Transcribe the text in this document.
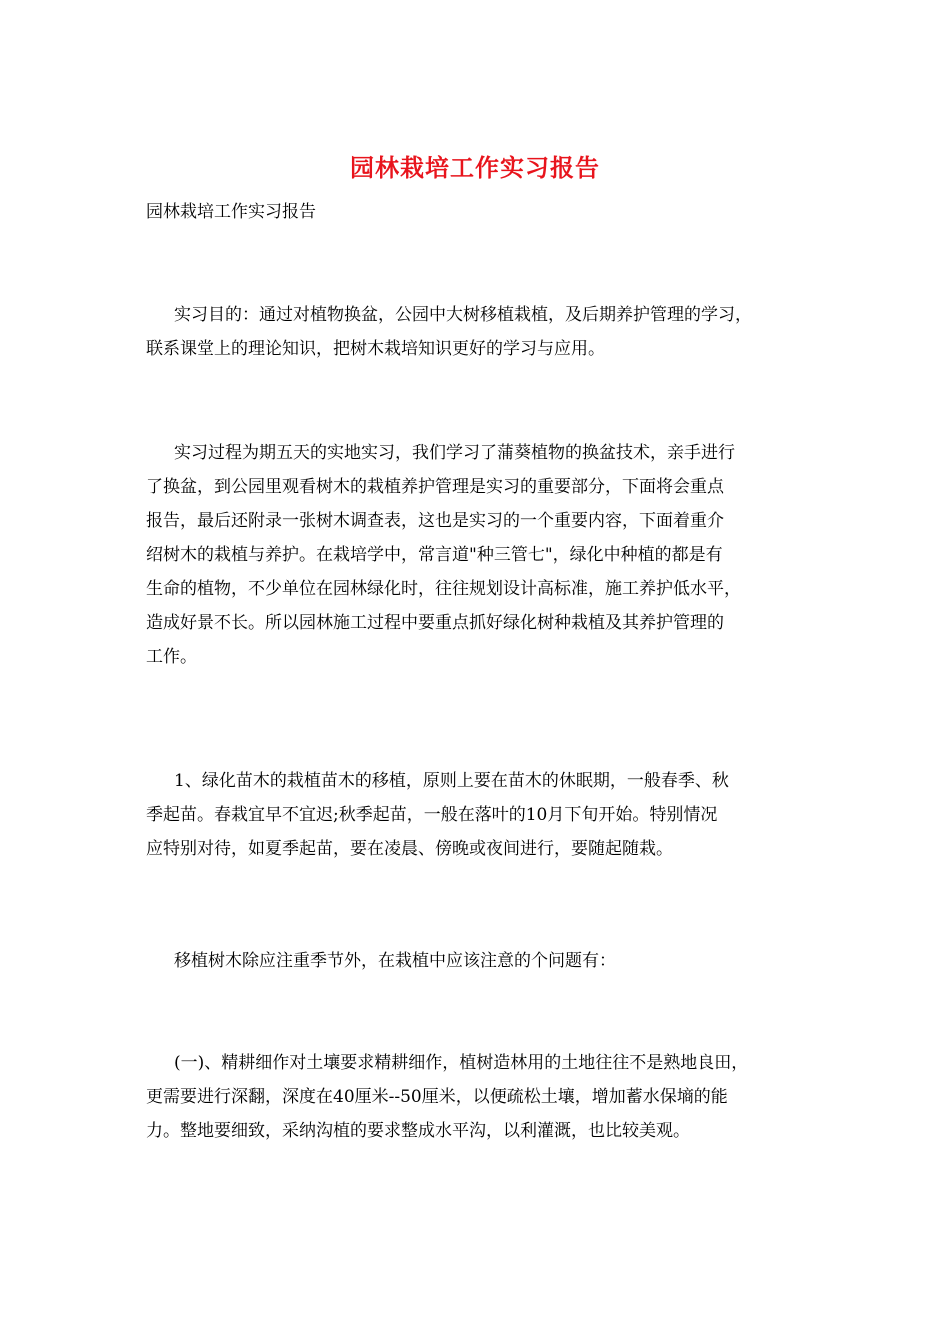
园林栽培工作实习报告
园林栽培工作实习报告
实习目的：通过对植物换盆，公园中大树移植栽植，及后期养护管理的学习，
联系课堂上的理论知识，把树木栽培知识更好的学习与应用。
实习过程为期五天的实地实习，我们学习了蒲葵植物的换盆技术，亲手进行
了换盆，到公园里观看树木的栽植养护管理是实习的重要部分，下面将会重点
报告，最后还附录一张树木调查表，这也是实习的一个重要内容，下面着重介
绍树木的栽植与养护。在栽培学中，常言道"种三管七"，绿化中种植的都是有
生命的植物，不少单位在园林绿化时，往往规划设计高标准，施工养护低水平，
造成好景不长。所以园林施工过程中要重点抓好绿化树种栽植及其养护管理的
工作。
1、绿化苗木的栽植苗木的移植，原则上要在苗木的休眠期，一般春季、秋
季起苗。春栽宜早不宜迟;秋季起苗，一般在落叶的10月下旬开始。特别情况
应特别对待，如夏季起苗，要在凌晨、傍晚或夜间进行，要随起随栽。
移植树木除应注重季节外，在栽植中应该注意的个问题有：
(一)、精耕细作对土壤要求精耕细作，植树造林用的土地往往不是熟地良田，
更需要进行深翻，深度在40厘米--50厘米，以便疏松土壤，增加蓄水保墒的能
力。整地要细致，采纳沟植的要求整成水平沟，以利灌溉，也比较美观。
